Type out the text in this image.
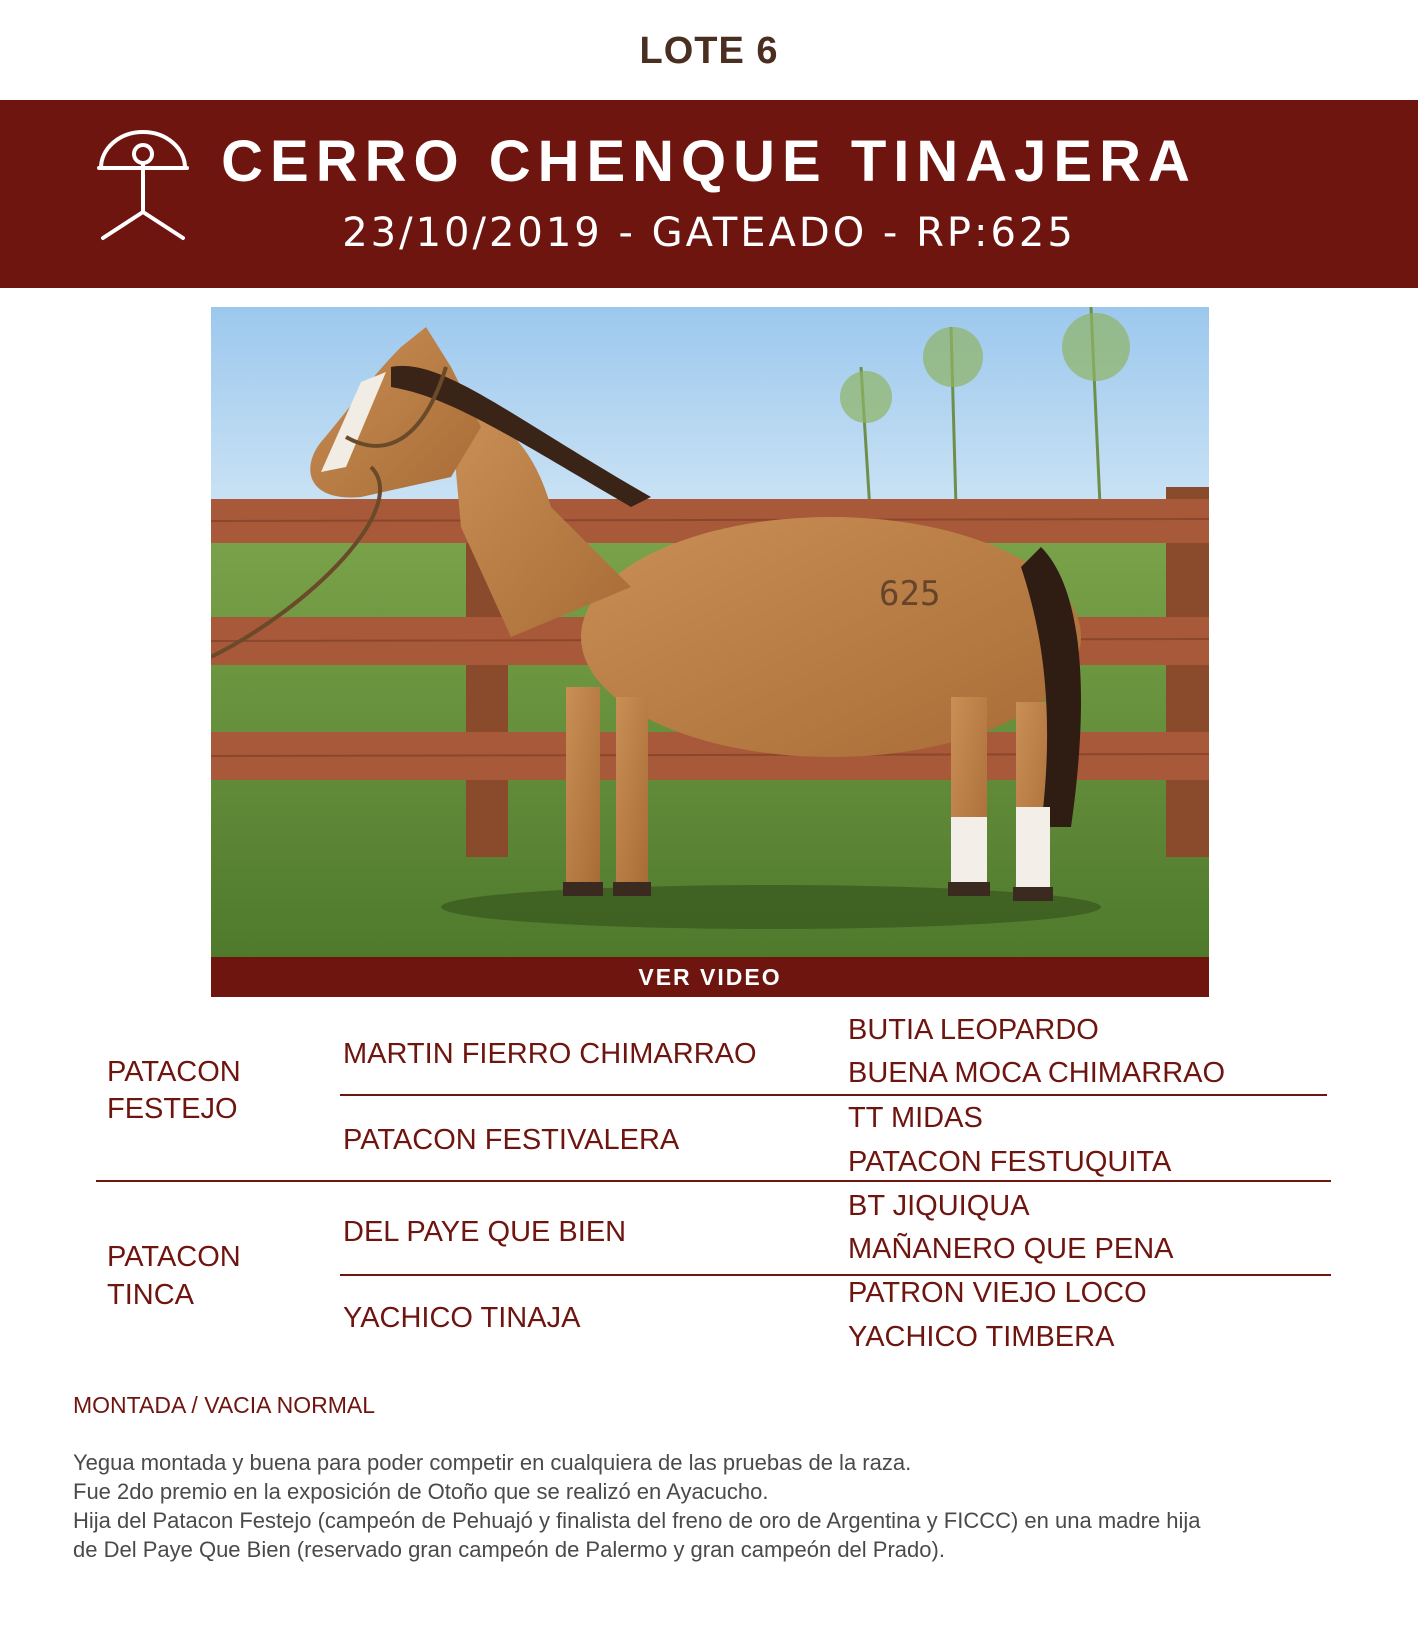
LOTE 6
CERRO CHENQUE TINAJERA
23/10/2019 - GATEADO - RP:625
625
VER VIDEO
PATACON
FESTEJO
MARTIN FIERRO CHIMARRAO
BUTIA LEOPARDO
BUENA MOCA CHIMARRAO
PATACON FESTIVALERA
TT MIDAS
PATACON FESTUQUITA
PATACON
TINCA
DEL PAYE QUE BIEN
BT JIQUIQUA
MAÑANERO QUE PENA
YACHICO TINAJA
PATRON VIEJO LOCO
YACHICO TIMBERA
MONTADA / VACIA NORMAL

Yegua montada y buena para poder competir en cualquiera de las pruebas de la raza.

Fue 2do premio en la exposición de Otoño que se realizó en Ayacucho.

Hija del Patacon Festejo (campeón de Pehuajó y finalista del freno de oro de Argentina y FICCC) en una madre hija

de Del Paye Que Bien (reservado gran campeón de Palermo y gran campeón del Prado).
